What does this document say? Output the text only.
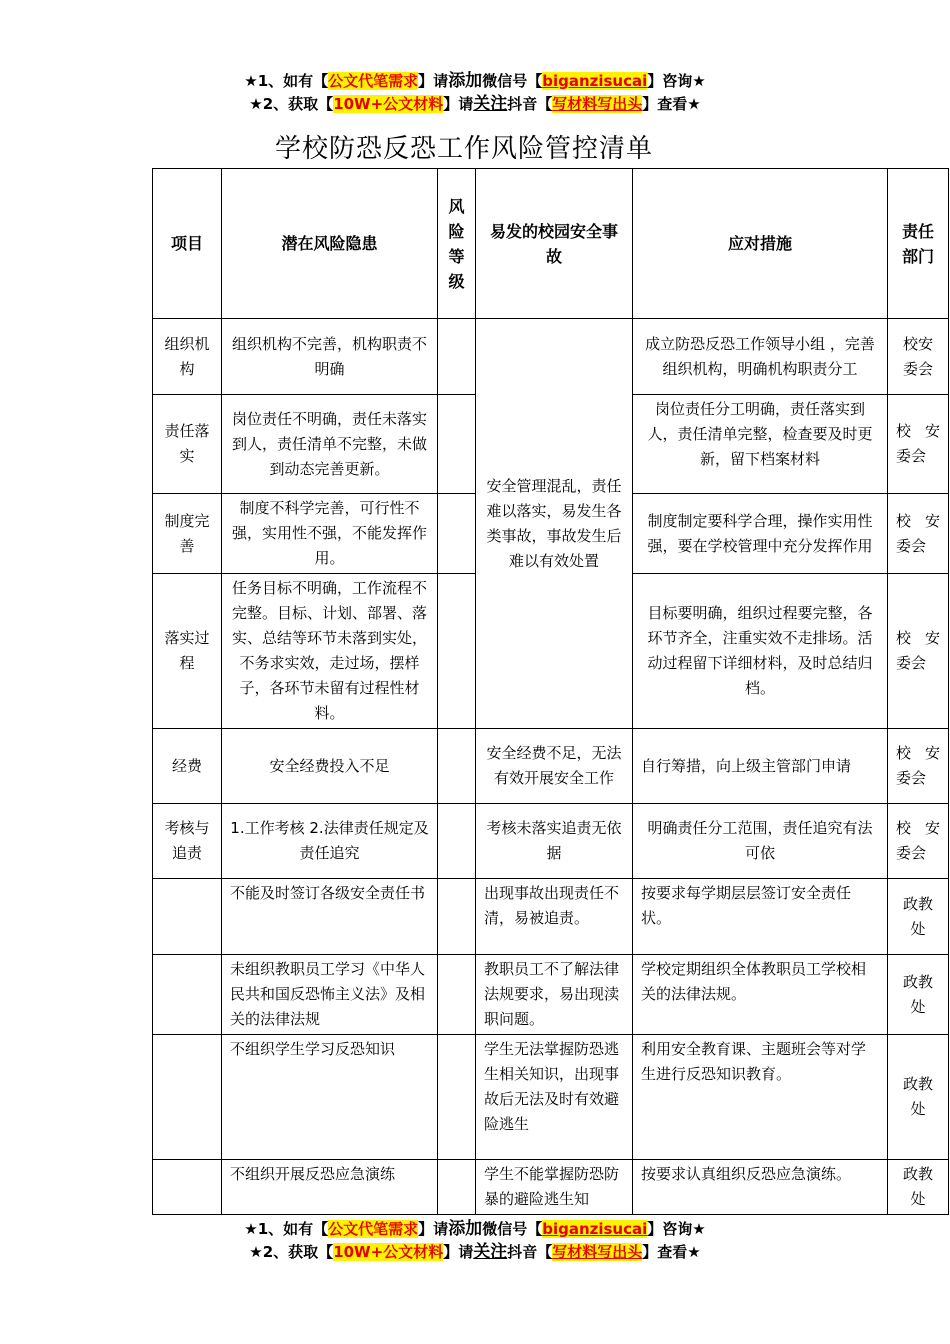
★1、如有【公文代笔需求】请添加微信号【biganzisucai】咨询★
★2、获取【10W+公文材料】请关注抖音【写材料写出头】查看★
学校防恐反恐工作风险管控清单
项目	潜在风险隐患	风险等级	易发的校园安全事故	应对措施	责任部门
组织机构	组织机构不完善，机构职责不明确		安全管理混乱，责任难以落实，易发生各类事故，事故发生后难以有效处置	成立防恐反恐工作领导小组 ，完善组织机构，明确机构职责分工	校安委会
责任落实	岗位责任不明确，责任未落实到人，责任清单不完整，未做到动态完善更新。			岗位责任分工明确，责任落实到人，责任清单完整，检查要及时更新，留下档案材料	校 安委会
制度完善	制度不科学完善，可行性不强，实用性不强，不能发挥作用。			制度制定要科学合理，操作实用性强，要在学校管理中充分发挥作用	校 安委会
落实过程	任务目标不明确，工作流程不完整。目标、计划、部署、落实、总结等环节未落到实处，不务求实效，走过场，摆样子，各环节未留有过程性材料。			目标要明确，组织过程要完整，各环节齐全，注重实效不走排场。活动过程留下详细材料，及时总结归档。	校 安委会
经费	安全经费投入不足		安全经费不足，无法有效开展安全工作	自行筹措，向上级主管部门申请	校 安委会
考核与追责	1.工作考核 2.法律责任规定及责任追究		考核未落实追责无依据	明确责任分工范围，责任追究有法可依	校 安委会
	不能及时签订各级安全责任书		出现事故出现责任不清，易被追责。	按要求每学期层层签订安全责任状。	政教处
	未组织教职员工学习《中华人民共和国反恐怖主义法》及相关的法律法规		教职员工不了解法律法规要求，易出现渎职问题。	学校定期组织全体教职员工学校相关的法律法规。	政教处
	不组织学生学习反恐知识		学生无法掌握防恐逃生相关知识，出现事故后无法及时有效避险逃生	利用安全教育课、主题班会等对学生进行反恐知识教育。	政教处
	不组织开展反恐应急演练		学生不能掌握防恐防暴的避险逃生知	按要求认真组织反恐应急演练。	政教处
★1、如有【公文代笔需求】请添加微信号【biganzisucai】咨询★
★2、获取【10W+公文材料】请关注抖音【写材料写出头】查看★
